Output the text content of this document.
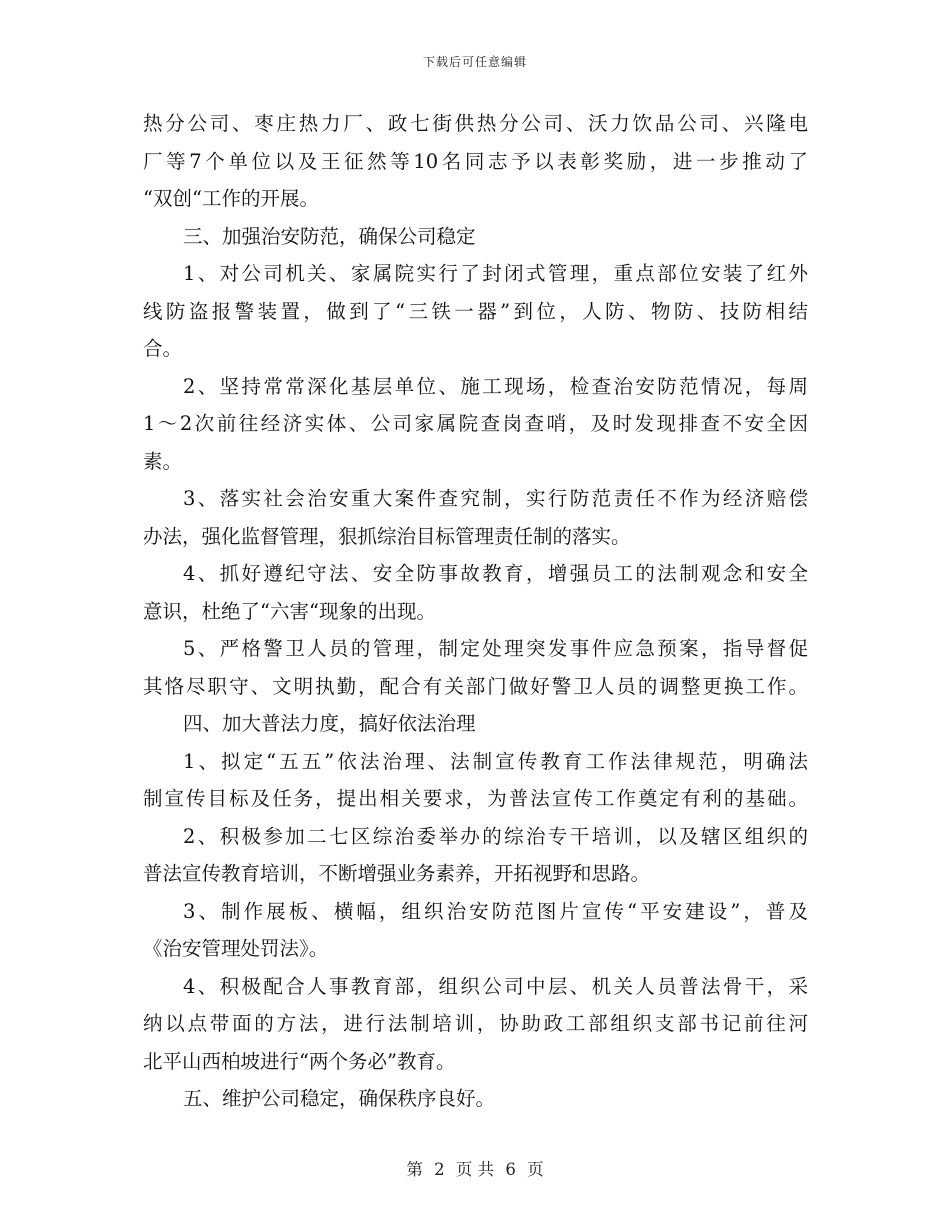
下载后可任意编辑
热分公司、枣庄热力厂、政七街供热分公司、沃力饮品公司、兴隆电
厂等7个单位以及王征然等10名同志予以表彰奖励，进一步推动了
“双创“工作的开展。
三、加强治安防范，确保公司稳定
1、对公司机关、家属院实行了封闭式管理，重点部位安装了红外
线防盗报警装置，做到了“三铁一器”到位，人防、物防、技防相结
合。
2、坚持常常深化基层单位、施工现场，检查治安防范情况，每周
1～2次前往经济实体、公司家属院查岗查哨，及时发现排查不安全因
素。
3、落实社会治安重大案件查究制，实行防范责任不作为经济赔偿
办法，强化监督管理，狠抓综治目标管理责任制的落实。
4、抓好遵纪守法、安全防事故教育，增强员工的法制观念和安全
意识，杜绝了“六害“现象的出现。
5、严格警卫人员的管理，制定处理突发事件应急预案，指导督促
其恪尽职守、文明执勤，配合有关部门做好警卫人员的调整更换工作。
四、加大普法力度，搞好依法治理
1、拟定“五五”依法治理、法制宣传教育工作法律规范，明确法
制宣传目标及任务，提出相关要求，为普法宣传工作奠定有利的基础。
2、积极参加二七区综治委举办的综治专干培训，以及辖区组织的
普法宣传教育培训，不断增强业务素养，开拓视野和思路。
3、制作展板、横幅，组织治安防范图片宣传“平安建设”，普及
《治安管理处罚法》。
4、积极配合人事教育部，组织公司中层、机关人员普法骨干，采
纳以点带面的方法，进行法制培训，协助政工部组织支部书记前往河
北平山西柏坡进行“两个务必”教育。
五、维护公司稳定，确保秩序良好。
第 2 页 共 6 页
